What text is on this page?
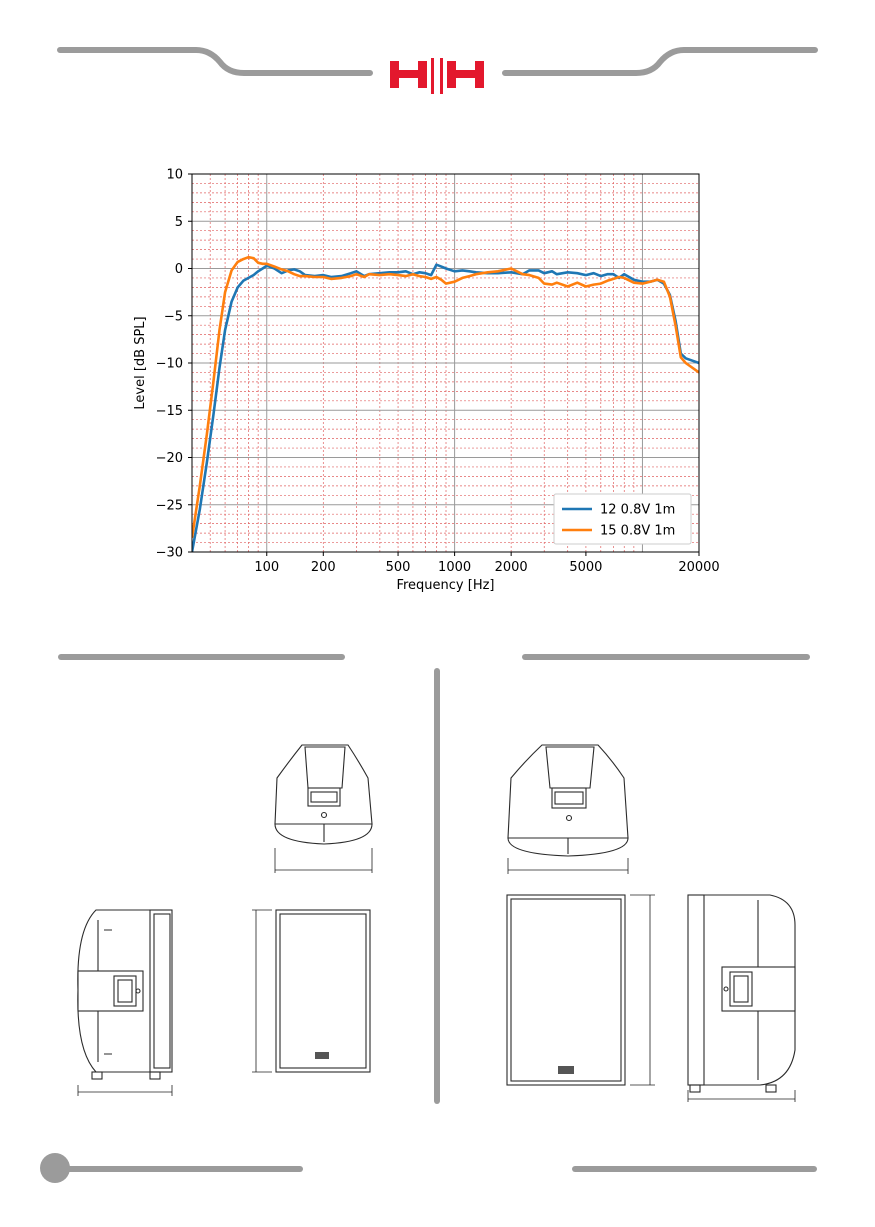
100 200	500 1000 2000	5000	20000
−30
−25
−20
−15
−10
−5
0
5
10
Frequency [Hz]
Level [dB SPL]
12 0.8V 1m
15 0.8V 1m
